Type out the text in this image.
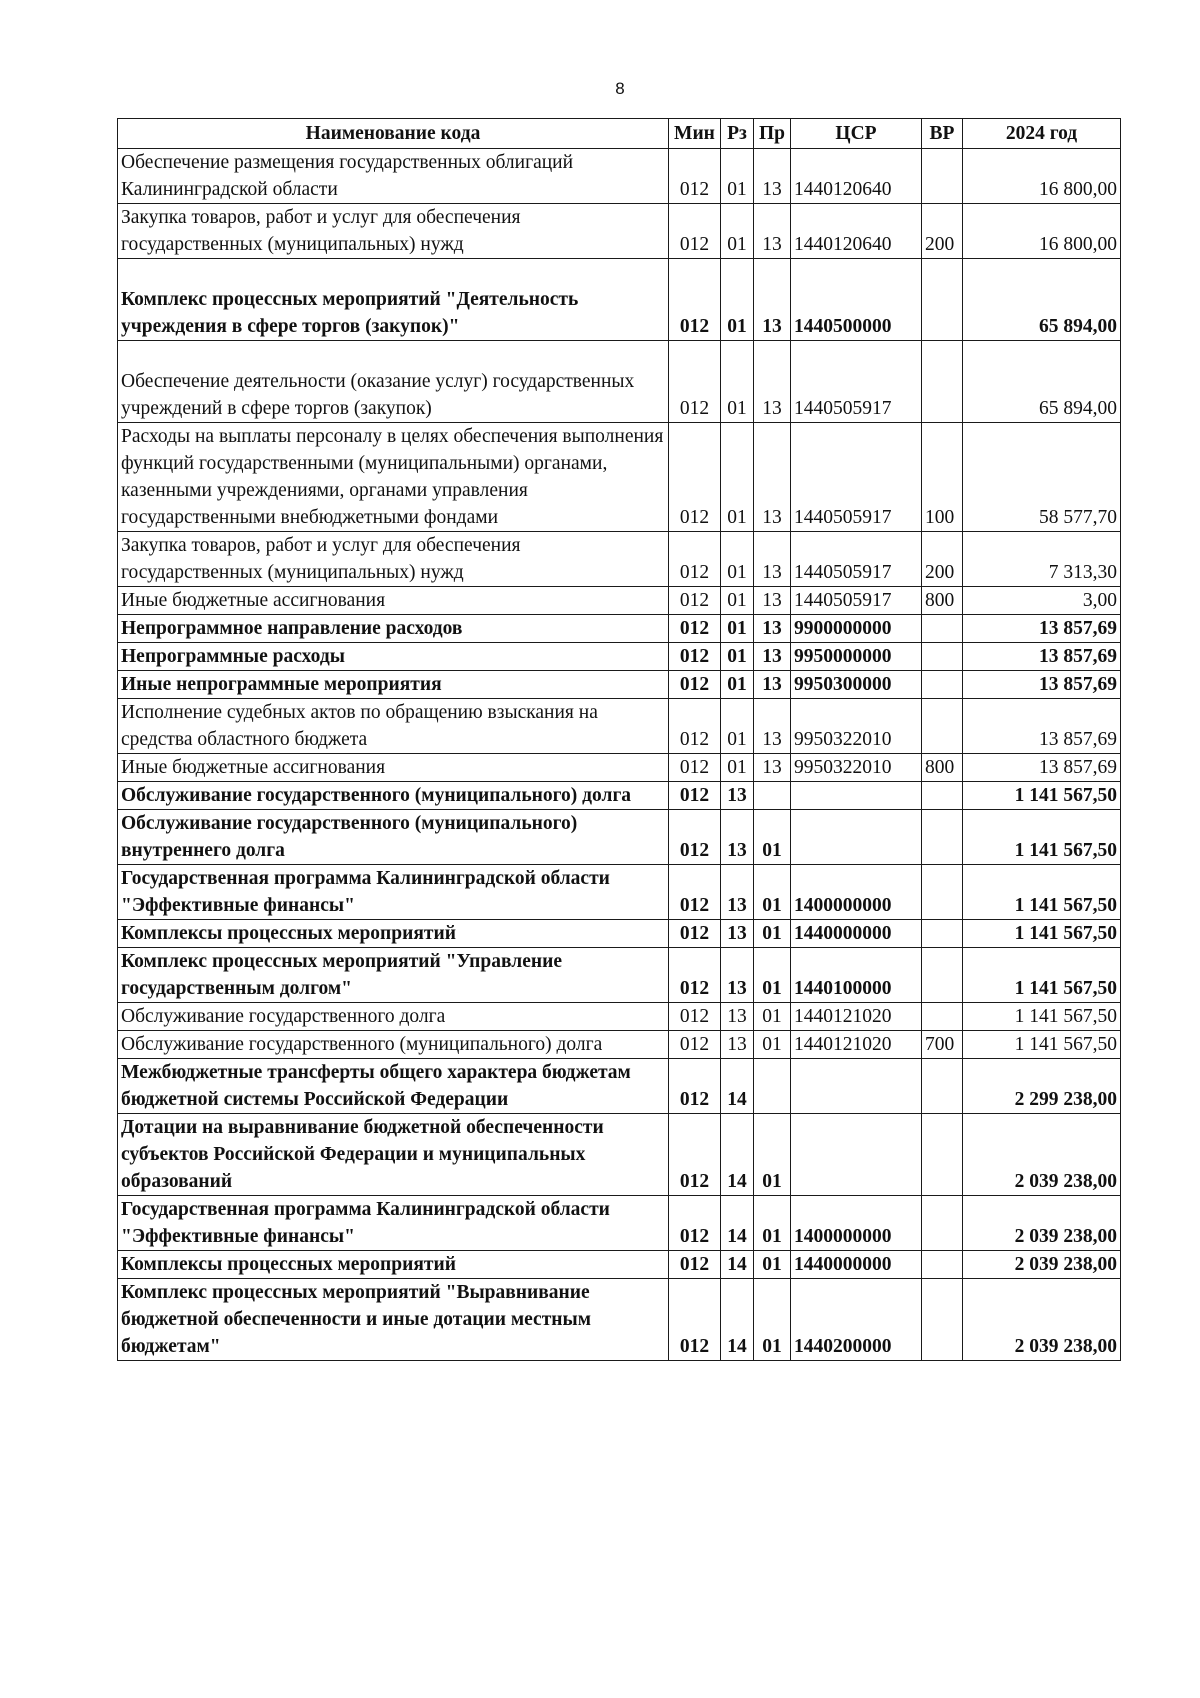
8
Наименование кода	Мин	Рз	Пр	ЦСР	ВР	2024 год
Обеспечение размещения государственных облигаций Калининградской области	012	01	13	1440120640		16 800,00
Закупка товаров, работ и услуг для обеспечения государственных (муниципальных) нужд	012	01	13	1440120640	200	16 800,00
Комплекс процессных мероприятий "Деятельность учреждения в сфере торгов (закупок)"	012	01	13	1440500000		65 894,00
Обеспечение деятельности (оказание услуг) государственных учреждений в сфере торгов (закупок)	012	01	13	1440505917		65 894,00
Расходы на выплаты персоналу в целях обеспечения выполнения функций государственными (муниципальными) органами, казенными учреждениями, органами управления государственными внебюджетными фондами	012	01	13	1440505917	100	58 577,70
Закупка товаров, работ и услуг для обеспечения государственных (муниципальных) нужд	012	01	13	1440505917	200	7 313,30
Иные бюджетные ассигнования	012	01	13	1440505917	800	3,00
Непрограммное направление расходов	012	01	13	9900000000		13 857,69
Непрограммные расходы	012	01	13	9950000000		13 857,69
Иные непрограммные мероприятия	012	01	13	9950300000		13 857,69
Исполнение судебных актов по обращению взыскания на средства областного бюджета	012	01	13	9950322010		13 857,69
Иные бюджетные ассигнования	012	01	13	9950322010	800	13 857,69
Обслуживание государственного (муниципального) долга	012	13				1 141 567,50
Обслуживание государственного (муниципального) внутреннего долга	012	13	01			1 141 567,50
Государственная программа Калининградской области "Эффективные финансы"	012	13	01	1400000000		1 141 567,50
Комплексы процессных мероприятий	012	13	01	1440000000		1 141 567,50
Комплекс процессных мероприятий "Управление государственным долгом"	012	13	01	1440100000		1 141 567,50
Обслуживание государственного долга	012	13	01	1440121020		1 141 567,50
Обслуживание государственного (муниципального) долга	012	13	01	1440121020	700	1 141 567,50
Межбюджетные трансферты общего характера бюджетам бюджетной системы Российской Федерации	012	14				2 299 238,00
Дотации на выравнивание бюджетной обеспеченности субъектов Российской Федерации и муниципальных образований	012	14	01			2 039 238,00
Государственная программа Калининградской области "Эффективные финансы"	012	14	01	1400000000		2 039 238,00
Комплексы процессных мероприятий	012	14	01	1440000000		2 039 238,00
Комплекс процессных мероприятий "Выравнивание бюджетной обеспеченности и иные дотации местным бюджетам"	012	14	01	1440200000		2 039 238,00
